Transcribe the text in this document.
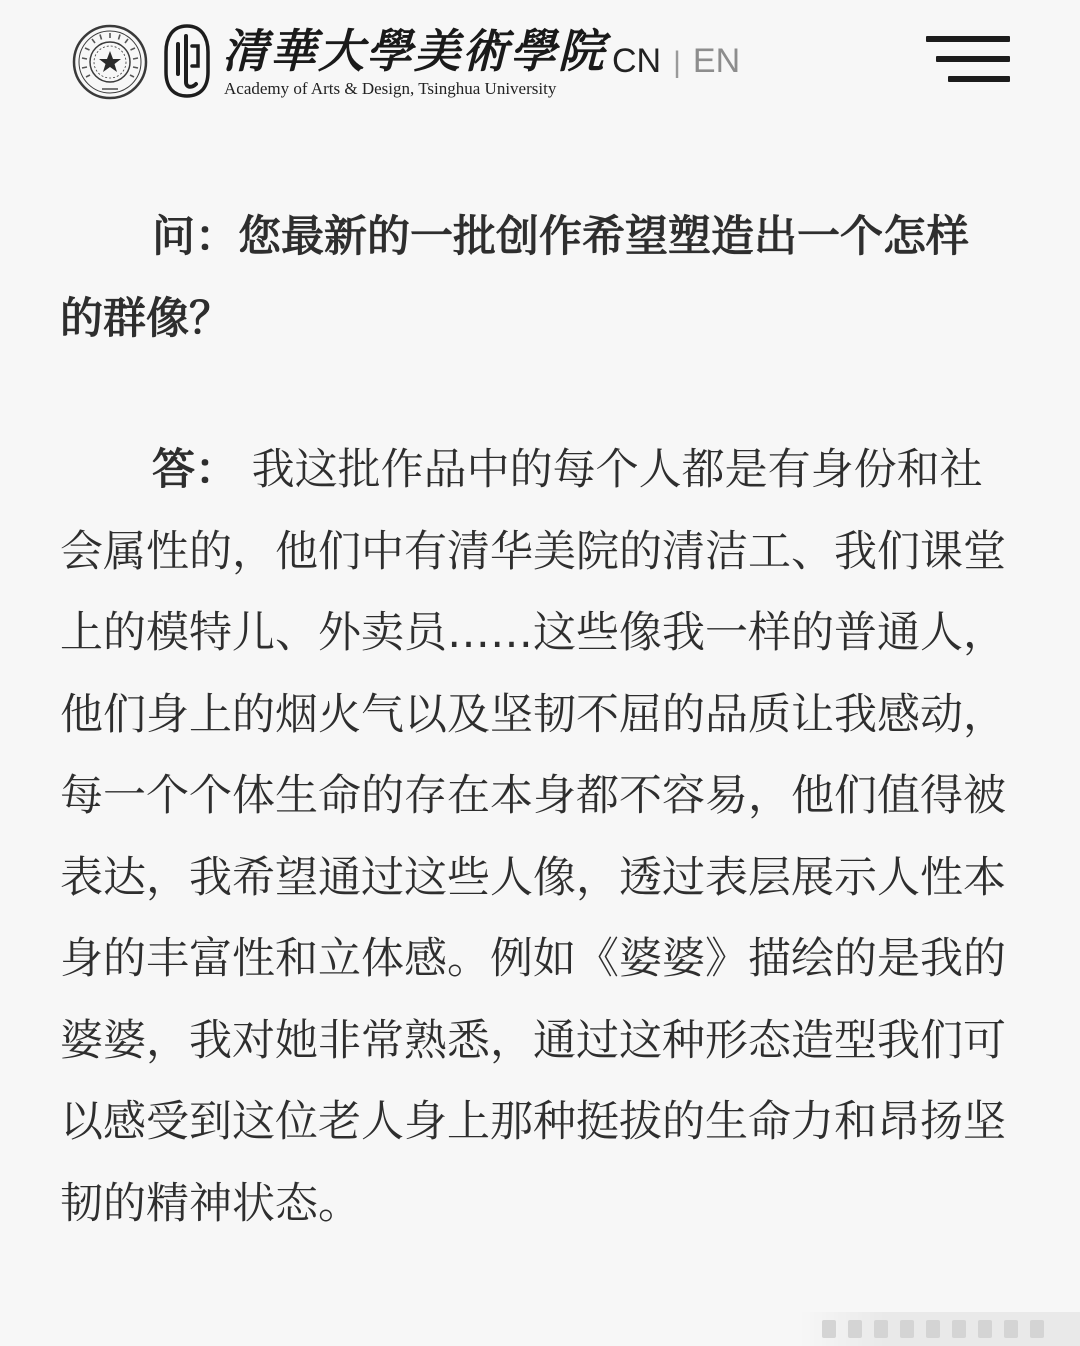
清華大學美術學院
Academy of Arts & Design, Tsinghua University
CN | EN

问：您最新的一批创作希望塑造出一个怎样的群像？

答： 我这批作品中的每个人都是有身份和社会属性的，他们中有清华美院的清洁工、我们课堂上的模特儿、外卖员……这些像我一样的普通人，他们身上的烟火气以及坚韧不屈的品质让我感动，每一个个体生命的存在本身都不容易，他们值得被表达，我希望通过这些人像，透过表层展示人性本身的丰富性和立体感。例如《婆婆》描绘的是我的婆婆，我对她非常熟悉，通过这种形态造型我们可以感受到这位老人身上那种挺拔的生命力和昂扬坚韧的精神状态。
